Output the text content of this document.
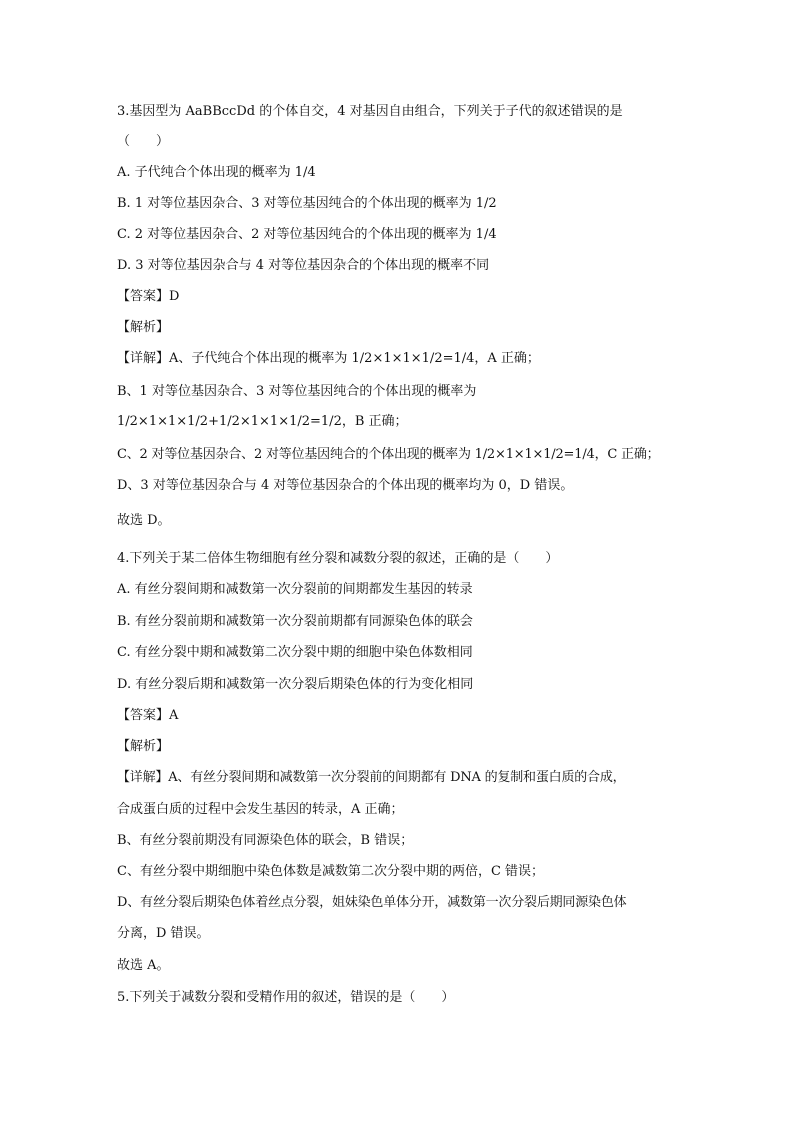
3.基因型为 AaBBccDd 的个体自交，4 对基因自由组合，下列关于子代的叙述错误的是
（　　）
A. 子代纯合个体出现的概率为 1/4
B. 1 对等位基因杂合、3 对等位基因纯合的个体出现的概率为 1/2
C. 2 对等位基因杂合、2 对等位基因纯合的个体出现的概率为 1/4
D. 3 对等位基因杂合与 4 对等位基因杂合的个体出现的概率不同
【答案】D
【解析】
【详解】A、子代纯合个体出现的概率为 1/2×1×1×1/2=1/4，A 正确；
B、1 对等位基因杂合、3 对等位基因纯合的个体出现的概率为
1/2×1×1×1/2+1/2×1×1×1/2=1/2，B 正确；
C、2 对等位基因杂合、2 对等位基因纯合的个体出现的概率为 1/2×1×1×1/2=1/4，C 正确；
D、3 对等位基因杂合与 4 对等位基因杂合的个体出现的概率均为 0，D 错误。
故选 D。
4.下列关于某二倍体生物细胞有丝分裂和减数分裂的叙述，正确的是（　　）
A. 有丝分裂间期和减数第一次分裂前的间期都发生基因的转录
B. 有丝分裂前期和减数第一次分裂前期都有同源染色体的联会
C. 有丝分裂中期和减数第二次分裂中期的细胞中染色体数相同
D. 有丝分裂后期和减数第一次分裂后期染色体的行为变化相同
【答案】A
【解析】
【详解】A、有丝分裂间期和减数第一次分裂前的间期都有 DNA 的复制和蛋白质的合成，
合成蛋白质的过程中会发生基因的转录，A 正确；
B、有丝分裂前期没有同源染色体的联会，B 错误；
C、有丝分裂中期细胞中染色体数是减数第二次分裂中期的两倍，C 错误；
D、有丝分裂后期染色体着丝点分裂，姐妹染色单体分开，减数第一次分裂后期同源染色体
分离，D 错误。
故选 A。
5.下列关于减数分裂和受精作用的叙述，错误的是（　　）
